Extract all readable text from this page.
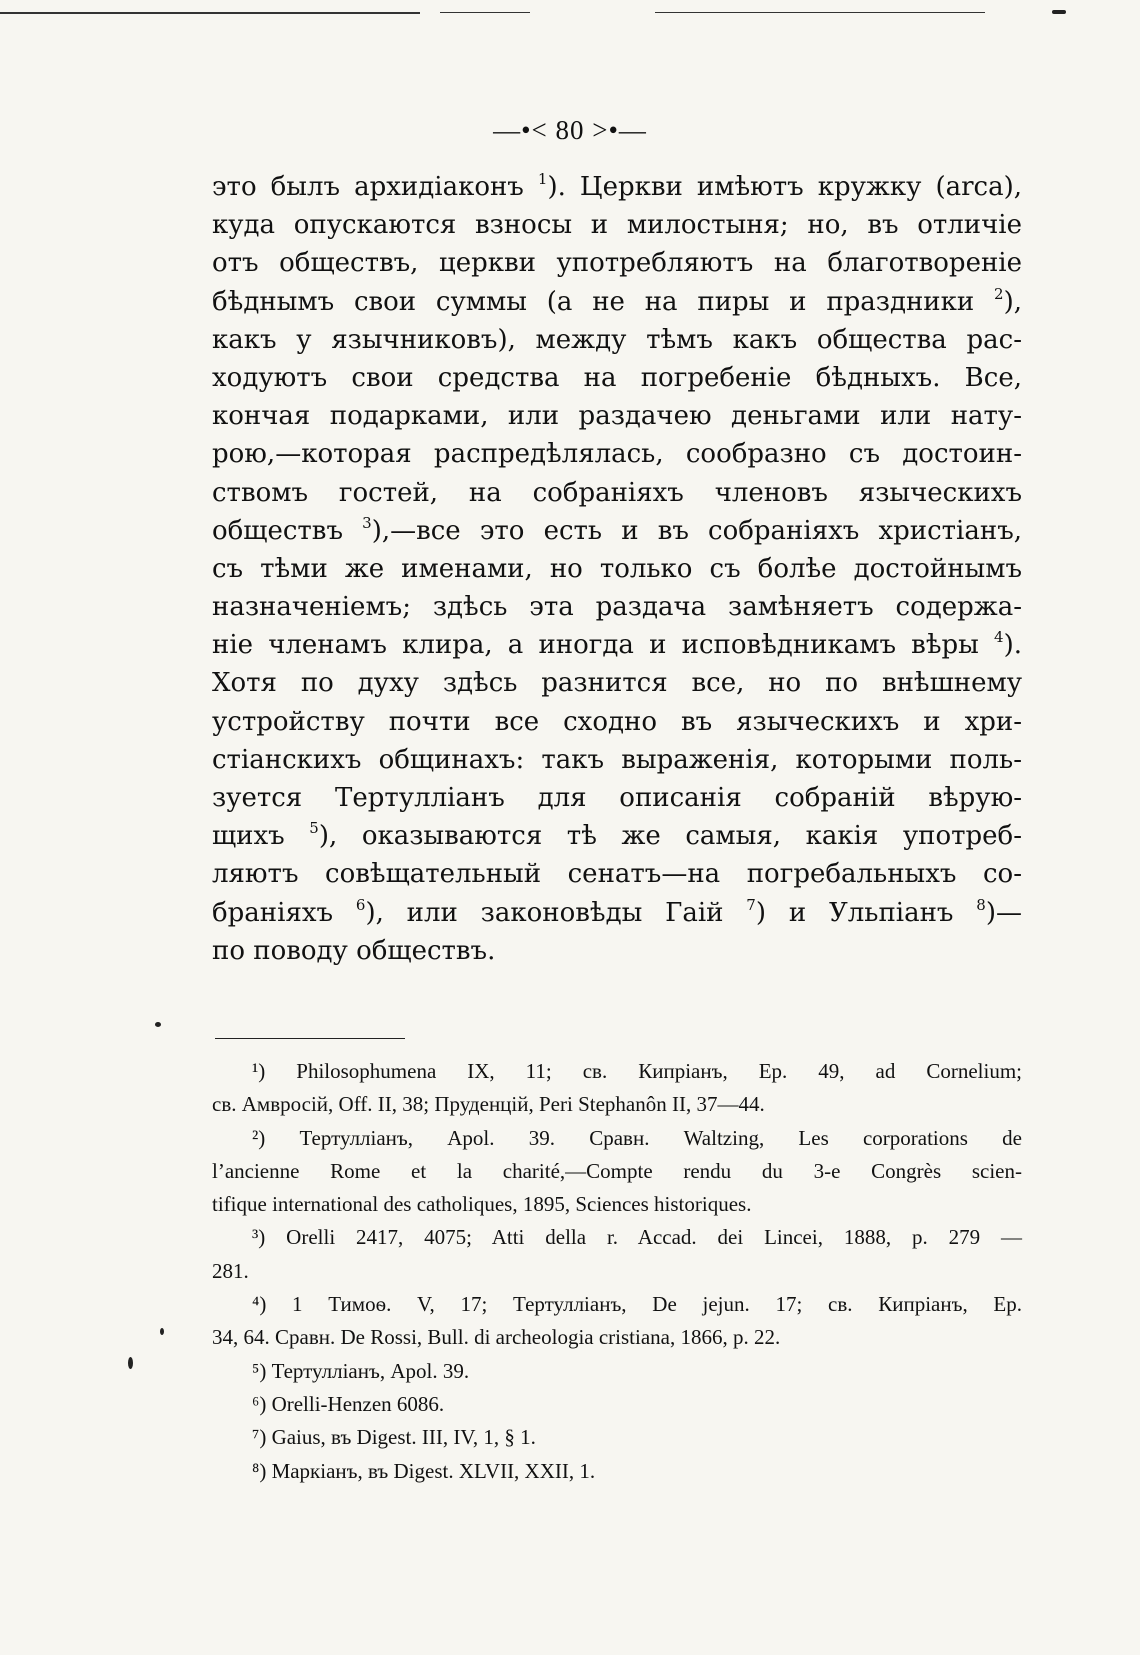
—•< 80 >•—
это былъ архидіаконъ $^1$). Церкви имѣютъ кружку (arca),
куда опускаются взносы и милостыня; но, въ отличіе
отъ обществъ, церкви употребляютъ на благотвореніе
бѣднымъ свои суммы (а не на пиры и праздники $^2$),
какъ у язычниковъ), между тѣмъ какъ общества рас-
ходуютъ свои средства на погребеніе бѣдныхъ. Все,
кончая подарками, или раздачею деньгами или нату-
рою,—которая распредѣлялась, сообразно съ достоин-
ствомъ гостей, на собраніяхъ членовъ языческихъ
обществъ $^3$),—все это есть и въ собраніяхъ христіанъ,
съ тѣми же именами, но только съ болѣе достойнымъ
назначеніемъ; здѣсь эта раздача замѣняетъ содержа-
ніе членамъ клира, а иногда и исповѣдникамъ вѣры $^4$).
Хотя по духу здѣсь разнится все, но по внѣшнему
устройству почти все сходно въ языческихъ и хри-
стіанскихъ общинахъ: такъ выраженія, которыми поль-
зуется Тертулліанъ для описанія собраній вѣрую-
щихъ $^5$), оказываются тѣ же самыя, какія употреб-
ляютъ совѣщательный сенатъ—на погребальныхъ со-
браніяхъ $^6$), или законовѣды Гаій $^7$) и Ульпіанъ $^8$)—
по поводу обществъ.
¹) Philosophumena IX, 11; св. Кипріанъ, Ep. 49, ad Cornelium;
св. Амвросій, Off. II, 38; Пруденцій, Peri Stephanôn II, 37—44.
²) Тертулліанъ, Apol. 39. Сравн. Waltzing, Les corporations de
l’ancienne Rome et la charité,—Compte rendu du 3-e Congrès scien-
tifique international des catholiques, 1895, Sciences historiques.
³) Orelli 2417, 4075; Atti della r. Accad. dei Lincei, 1888, p. 279 —
281.
⁴) 1 Тимоѳ. V, 17; Тертулліанъ, De jejun. 17; св. Кипріанъ, Ep.
34, 64. Сравн. De Rossi, Bull. di archeologia cristiana, 1866, p. 22.
⁵) Тертулліанъ, Apol. 39.
⁶) Orelli-Henzen 6086.
⁷) Gaius, въ Digest. III, IV, 1, § 1.
⁸) Маркіанъ, въ Digest. XLVII, XXII, 1.
